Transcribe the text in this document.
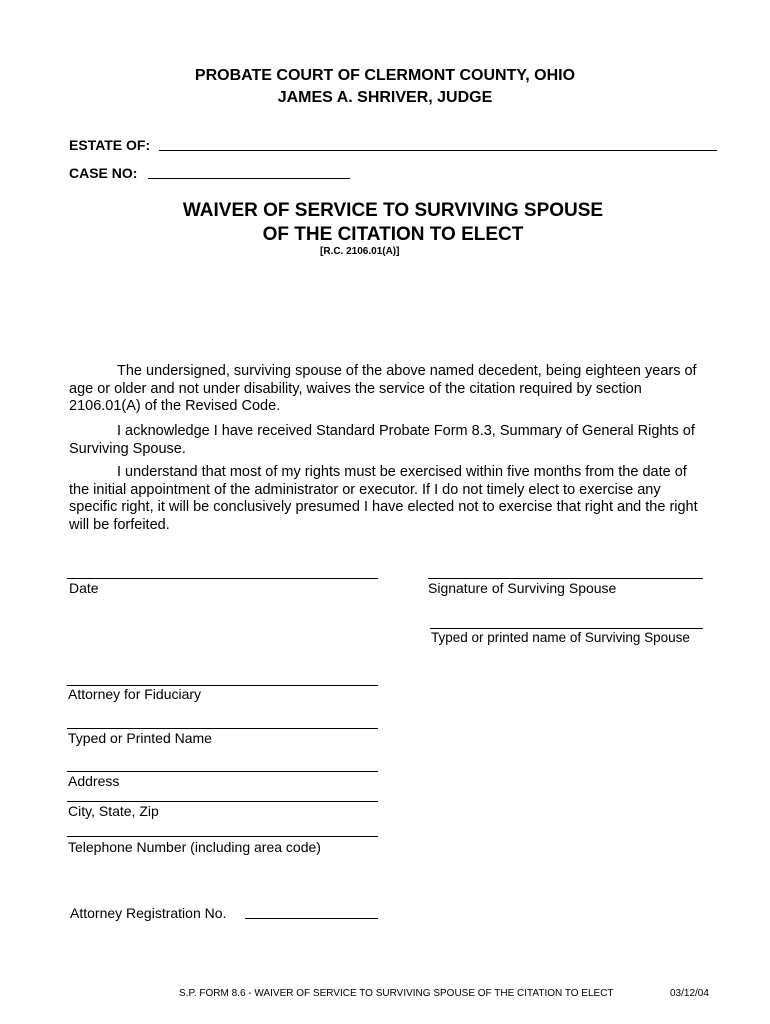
PROBATE COURT OF CLERMONT COUNTY, OHIO
JAMES A. SHRIVER, JUDGE
ESTATE OF:
CASE NO:
WAIVER OF SERVICE TO SURVIVING SPOUSE
OF THE CITATION TO ELECT
[R.C. 2106.01(A)]
The undersigned, surviving spouse of the above named decedent, being eighteen years of age or older and not under disability, waives the service of the citation required by section 2106.01(A) of the Revised Code.
I acknowledge I have received Standard Probate Form 8.3, Summary of General Rights of Surviving Spouse.
I understand that most of my rights must be exercised within five months from the date of the initial appointment of the administrator or executor. If I do not timely elect to exercise any specific right, it will be conclusively presumed I have elected not to exercise that right and the right will be forfeited.
Date	Signature of Surviving Spouse
Typed or printed name of Surviving Spouse
Attorney for Fiduciary
Typed or Printed Name
Address
City, State, Zip
Telephone Number (including area code)
Attorney Registration No.
S.P. FORM 8.6 - WAIVER OF SERVICE TO SURVIVING SPOUSE OF THE CITATION TO ELECT	03/12/04
